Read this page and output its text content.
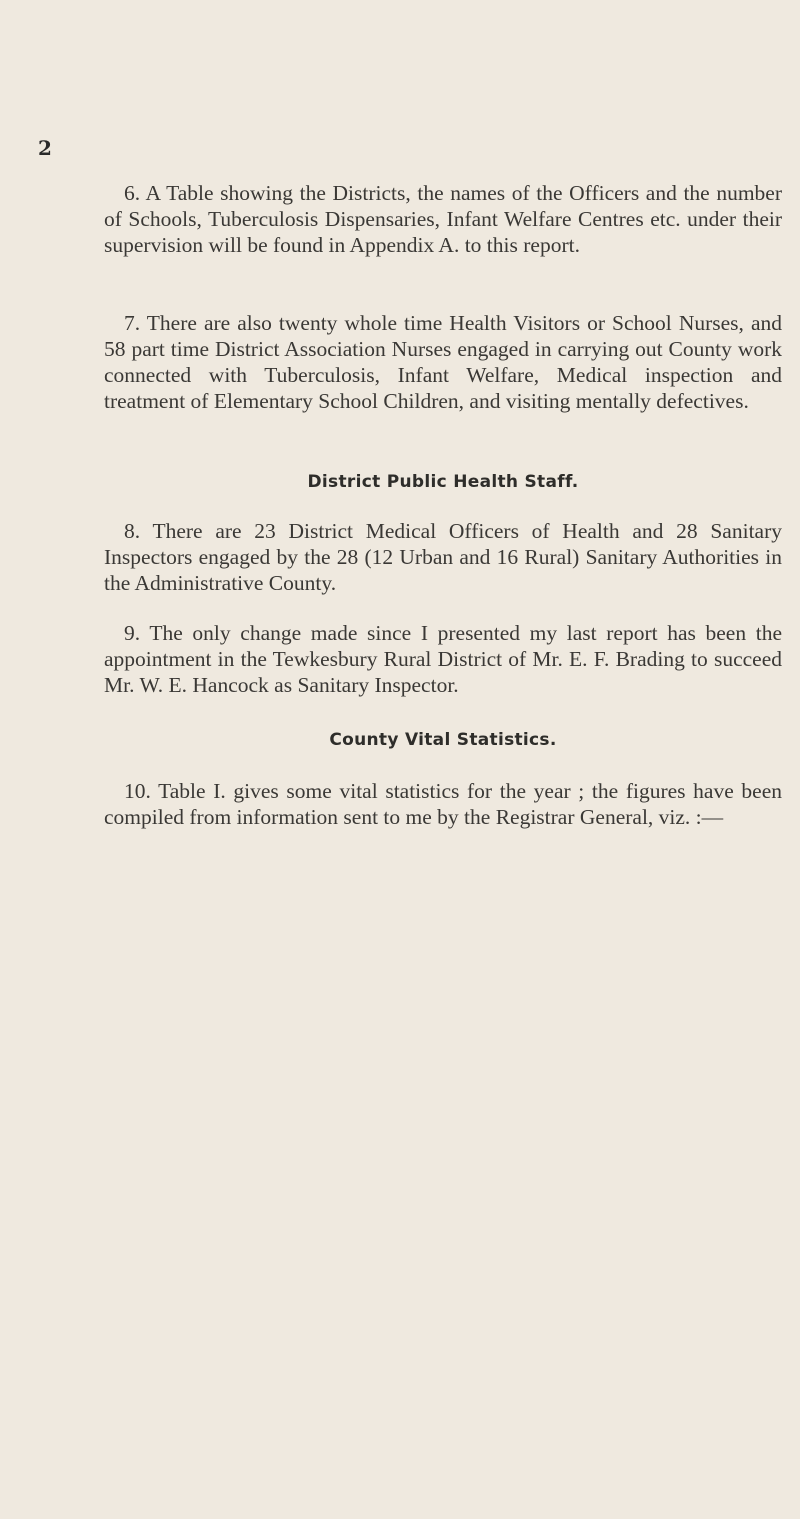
2

6. A Table showing the Districts, the names of the Officers and the number of Schools, Tuberculosis Dispensaries, Infant Welfare Centres etc. under their supervision will be found in Appendix A. to this report.

7. There are also twenty whole time Health Visitors or School Nurses, and 58 part time District Association Nurses engaged in carrying out County work connected with Tuberculosis, Infant Welfare, Medical inspection and treatment of Elementary School Children, and visiting mentally defectives.

District Public Health Staff.

8. There are 23 District Medical Officers of Health and 28 Sanitary Inspectors engaged by the 28 (12 Urban and 16 Rural) Sanitary Authorities in the Administrative County.

9. The only change made since I presented my last report has been the appointment in the Tewkesbury Rural District of Mr. E. F. Brading to succeed Mr. W. E. Hancock as Sanitary Inspector.

County Vital Statistics.

10. Table I. gives some vital statistics for the year ; the figures have been compiled from information sent to me by the Registrar General, viz. :—
